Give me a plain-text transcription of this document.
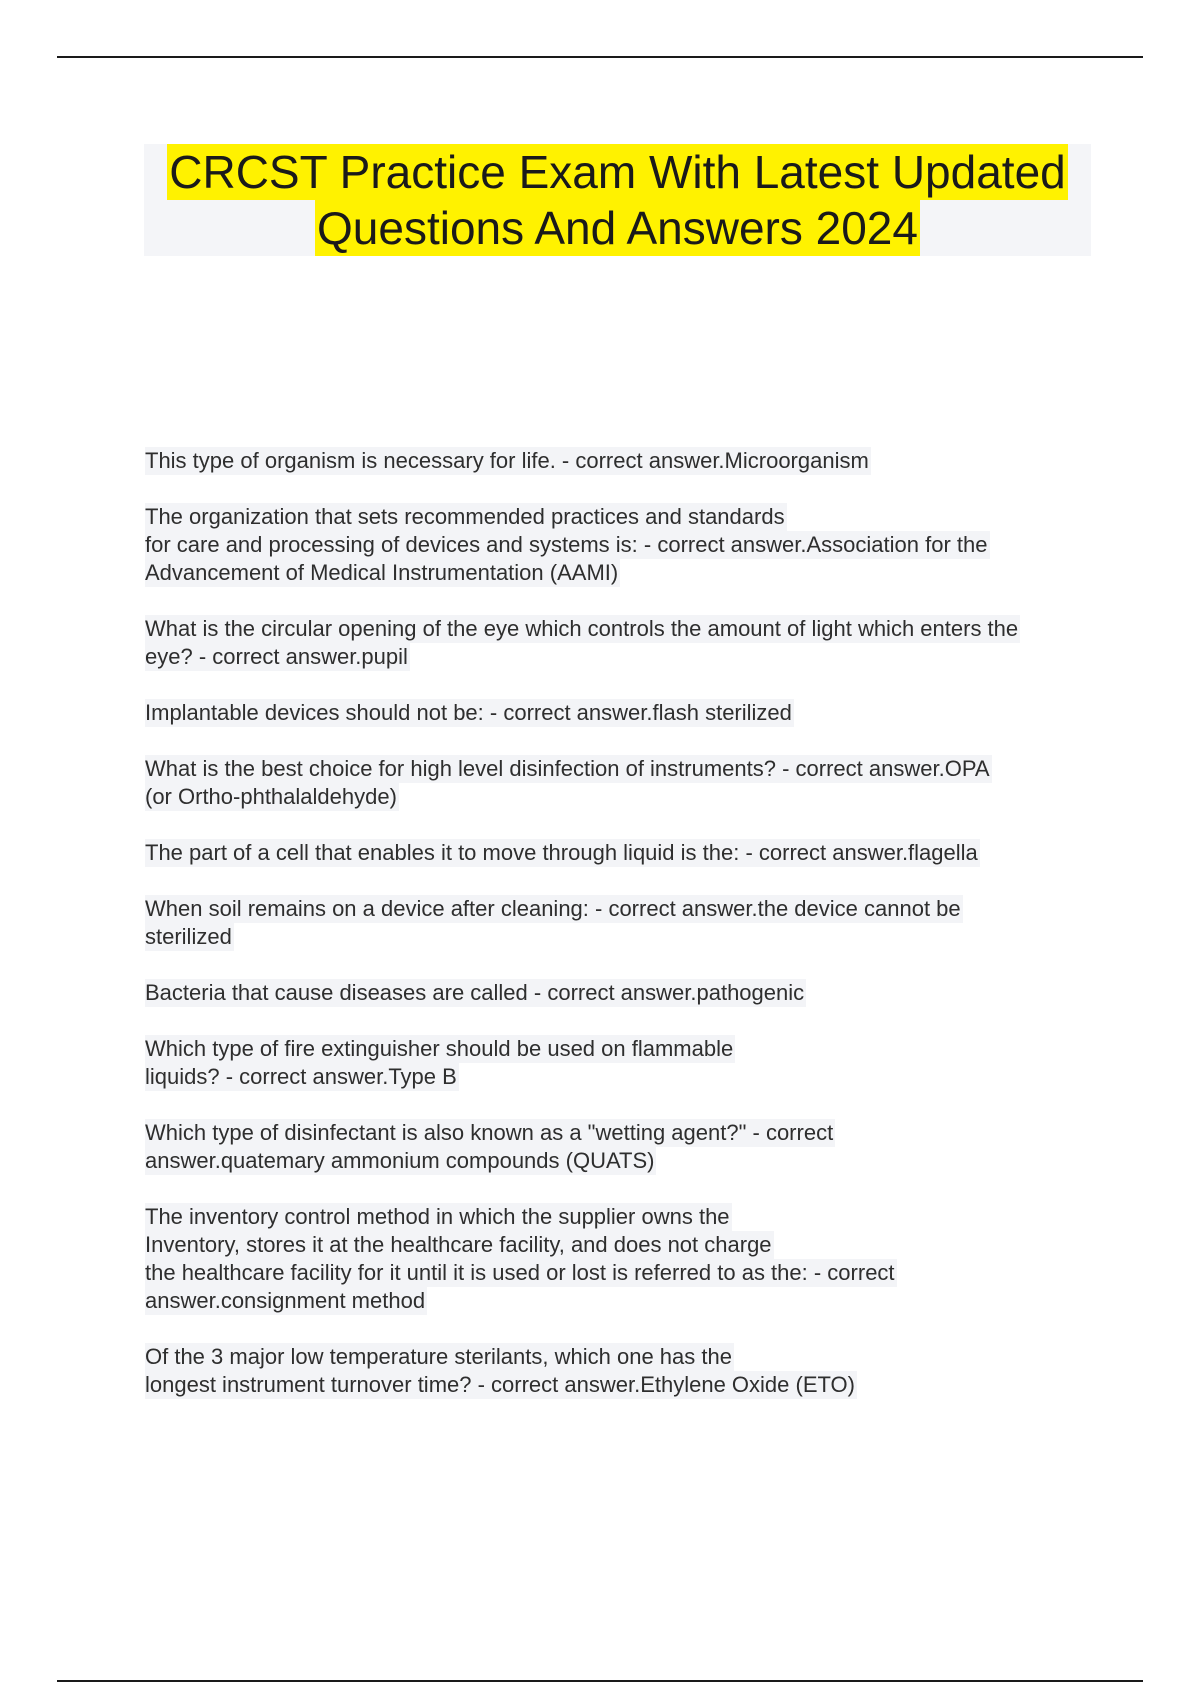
CRCST Practice Exam With Latest Updated
Questions And Answers 2024
This type of organism is necessary for life. - correct answer.Microorganism
The organization that sets recommended practices and standards
for care and processing of devices and systems is: - correct answer.Association for the
Advancement of Medical Instrumentation (AAMI)
What is the circular opening of the eye which controls the amount of light which enters the
eye? - correct answer.pupil
Implantable devices should not be: - correct answer.flash sterilized
What is the best choice for high level disinfection of instruments? - correct answer.OPA
(or Ortho-phthalaldehyde)
The part of a cell that enables it to move through liquid is the: - correct answer.flagella
When soil remains on a device after cleaning: - correct answer.the device cannot be
sterilized
Bacteria that cause diseases are called - correct answer.pathogenic
Which type of fire extinguisher should be used on flammable
liquids? - correct answer.Type B
Which type of disinfectant is also known as a "wetting agent?" - correct
answer.quatemary ammonium compounds (QUATS)
The inventory control method in which the supplier owns the
Inventory, stores it at the healthcare facility, and does not charge
the healthcare facility for it until it is used or lost is referred to as the: - correct
answer.consignment method
Of the 3 major low temperature sterilants, which one has the
longest instrument turnover time? - correct answer.Ethylene Oxide (ETO)
